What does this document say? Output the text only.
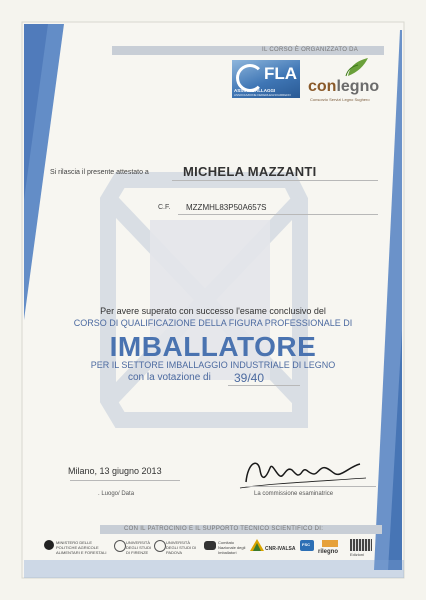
IL CORSO È ORGANIZZATO DA
FLA
ASSOIMBALLAGGI
ASSOCIAZIONE FEDERLEGNOARREDO conlegno
Consorzio Servizi Legno Sughero
Si rilascia il presente attestato a	MICHELA MAZZANTI
C.F. MZZMHL83P50A657S
Per avere superato con successo l'esame conclusivo del
CORSO DI QUALIFICAZIONE DELLA FIGURA PROFESSIONALE DI
IMBALLATORE
PER IL SETTORE IMBALLAGGIO INDUSTRIALE DI LEGNO
con la votazione di 39/40
Milano, 13 giugno 2013
. Luogo/ Data	La commissione esaminatrice
CON IL PATROCINIO E IL SUPPORTO TECNICO SCIENTIFICO DI:
MINISTERO DELLE POLITICHE AGRICOLE ALIMENTARI E FORESTALI
UNIVERSITÀ DEGLI STUDI DI FIRENZE
UNIVERSITÀ DEGLI STUDI DI PADOVA
Comitato Nazionale degli Imballatori
CNR-IVALSA
FSC
rilegno	Edizioni
